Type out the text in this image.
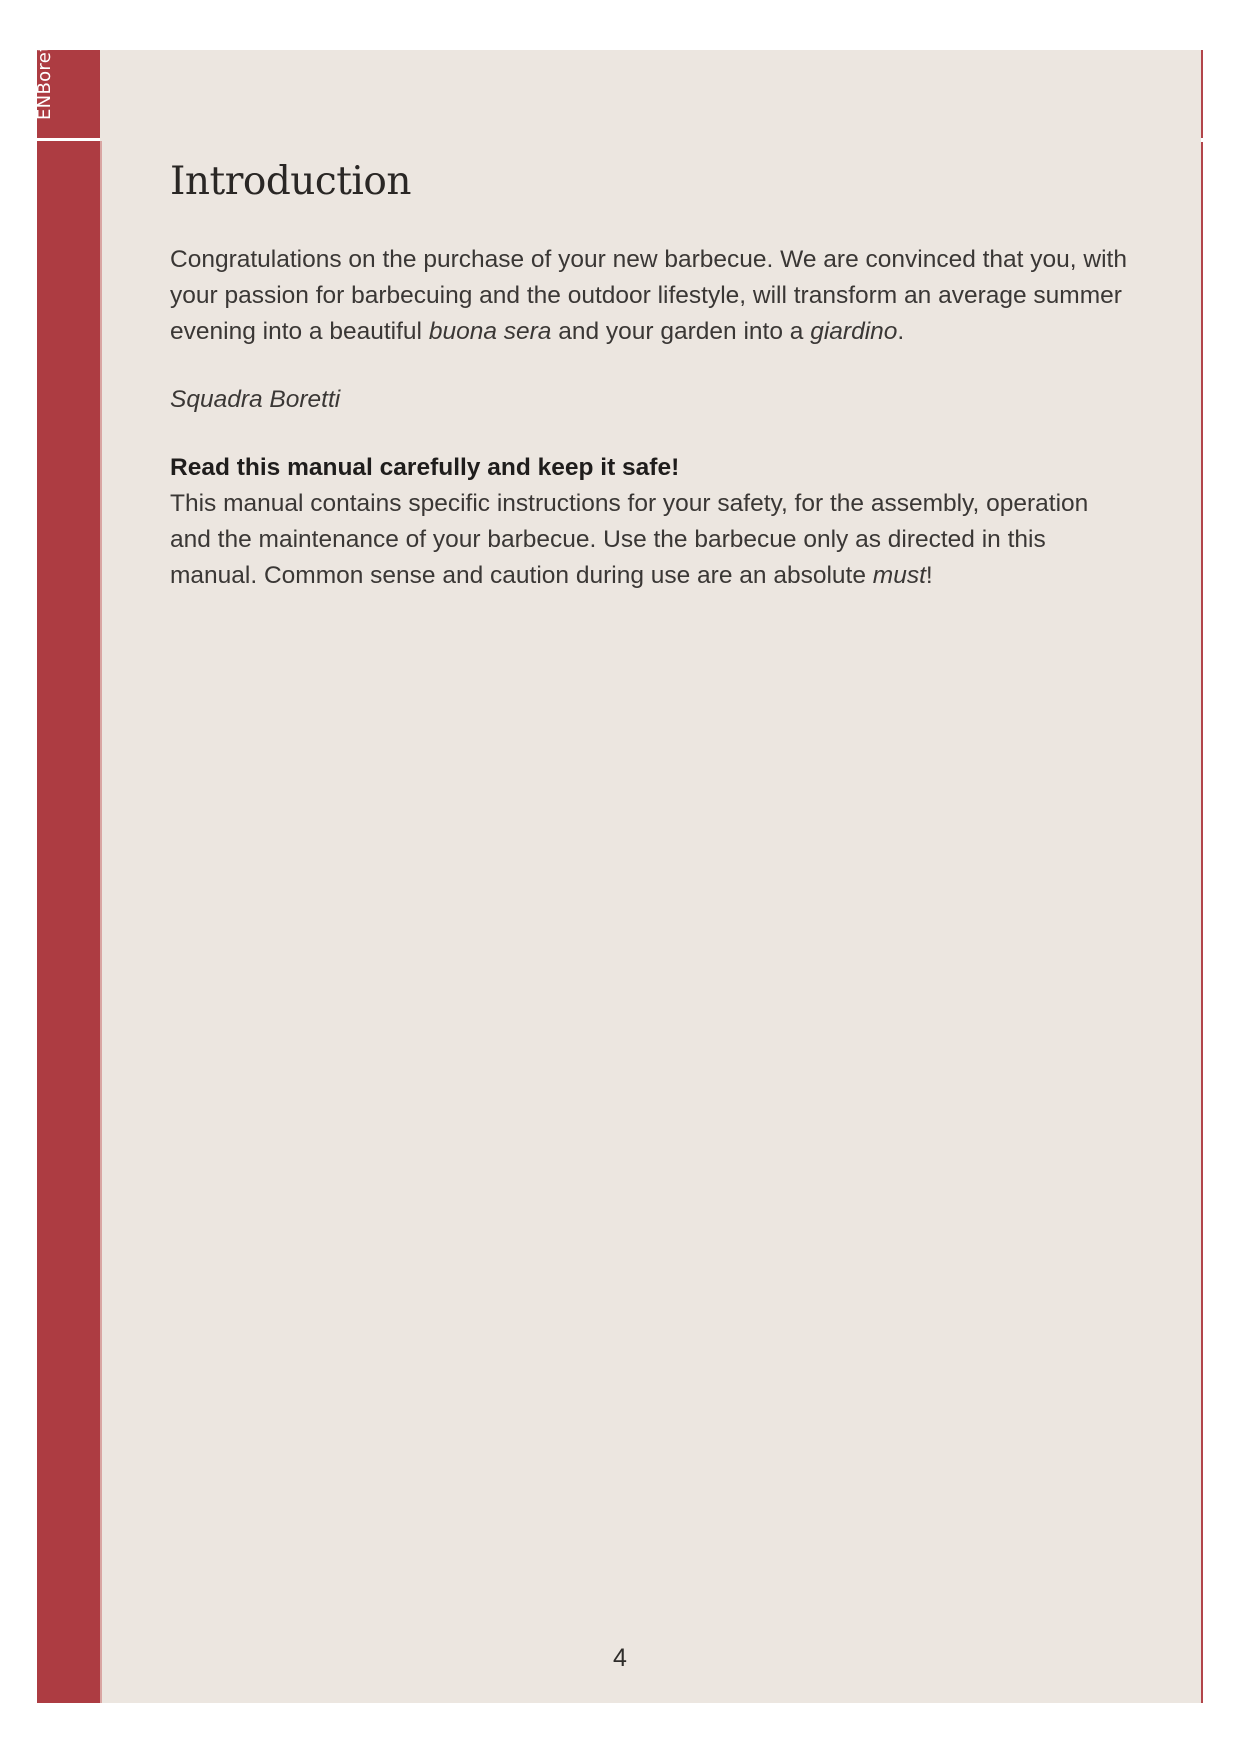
ENBoretti
Introduction

Congratulations on the purchase of your new barbecue. We are convinced that you, with your passion for barbecuing and the outdoor lifestyle, will transform an average summer evening into a beautiful buona sera and your garden into a giardino.

Squadra Boretti

Read this manual carefully and keep it safe!

This manual contains specific instructions for your safety, for the assembly, operation and the maintenance of your barbecue. Use the barbecue only as directed in this manual. Common sense and caution during use are an absolute must!

4
